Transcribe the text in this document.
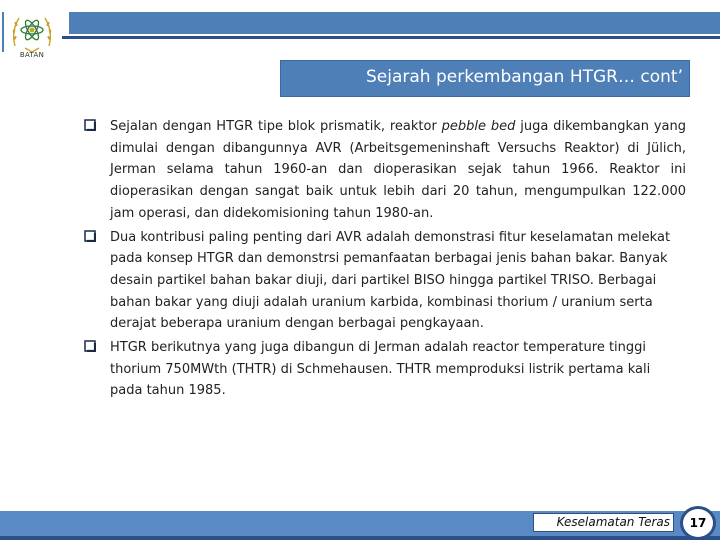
BATAN
Sejarah perkembangan HTGR… cont’

Sejalan dengan HTGR tipe blok prismatik, reaktor pebble bed juga dikembangkan yang dimulai dengan dibangunnya AVR (Arbeitsgemeninshaft Versuchs Reaktor) di Jülich, Jerman selama tahun 1960-an dan dioperasikan sejak tahun 1966. Reaktor ini dioperasikan dengan sangat baik untuk lebih dari 20 tahun, mengumpulkan 122.000 jam operasi, dan didekomisioning tahun 1980-an.

Dua kontribusi paling penting dari AVR adalah demonstrasi fitur keselamatan melekat pada konsep HTGR dan demonstrsi pemanfaatan berbagai jenis bahan bakar. Banyak desain partikel bahan bakar diuji, dari partikel BISO hingga partikel TRISO. Berbagai bahan bakar yang diuji adalah uranium karbida, kombinasi thorium / uranium serta derajat beberapa uranium dengan berbagai pengkayaan.

HTGR berikutnya yang juga dibangun di Jerman adalah reactor temperature tinggi thorium 750MWth (THTR) di Schmehausen. THTR memproduksi listrik pertama kali pada tahun 1985.

Keselamatan Teras	17
